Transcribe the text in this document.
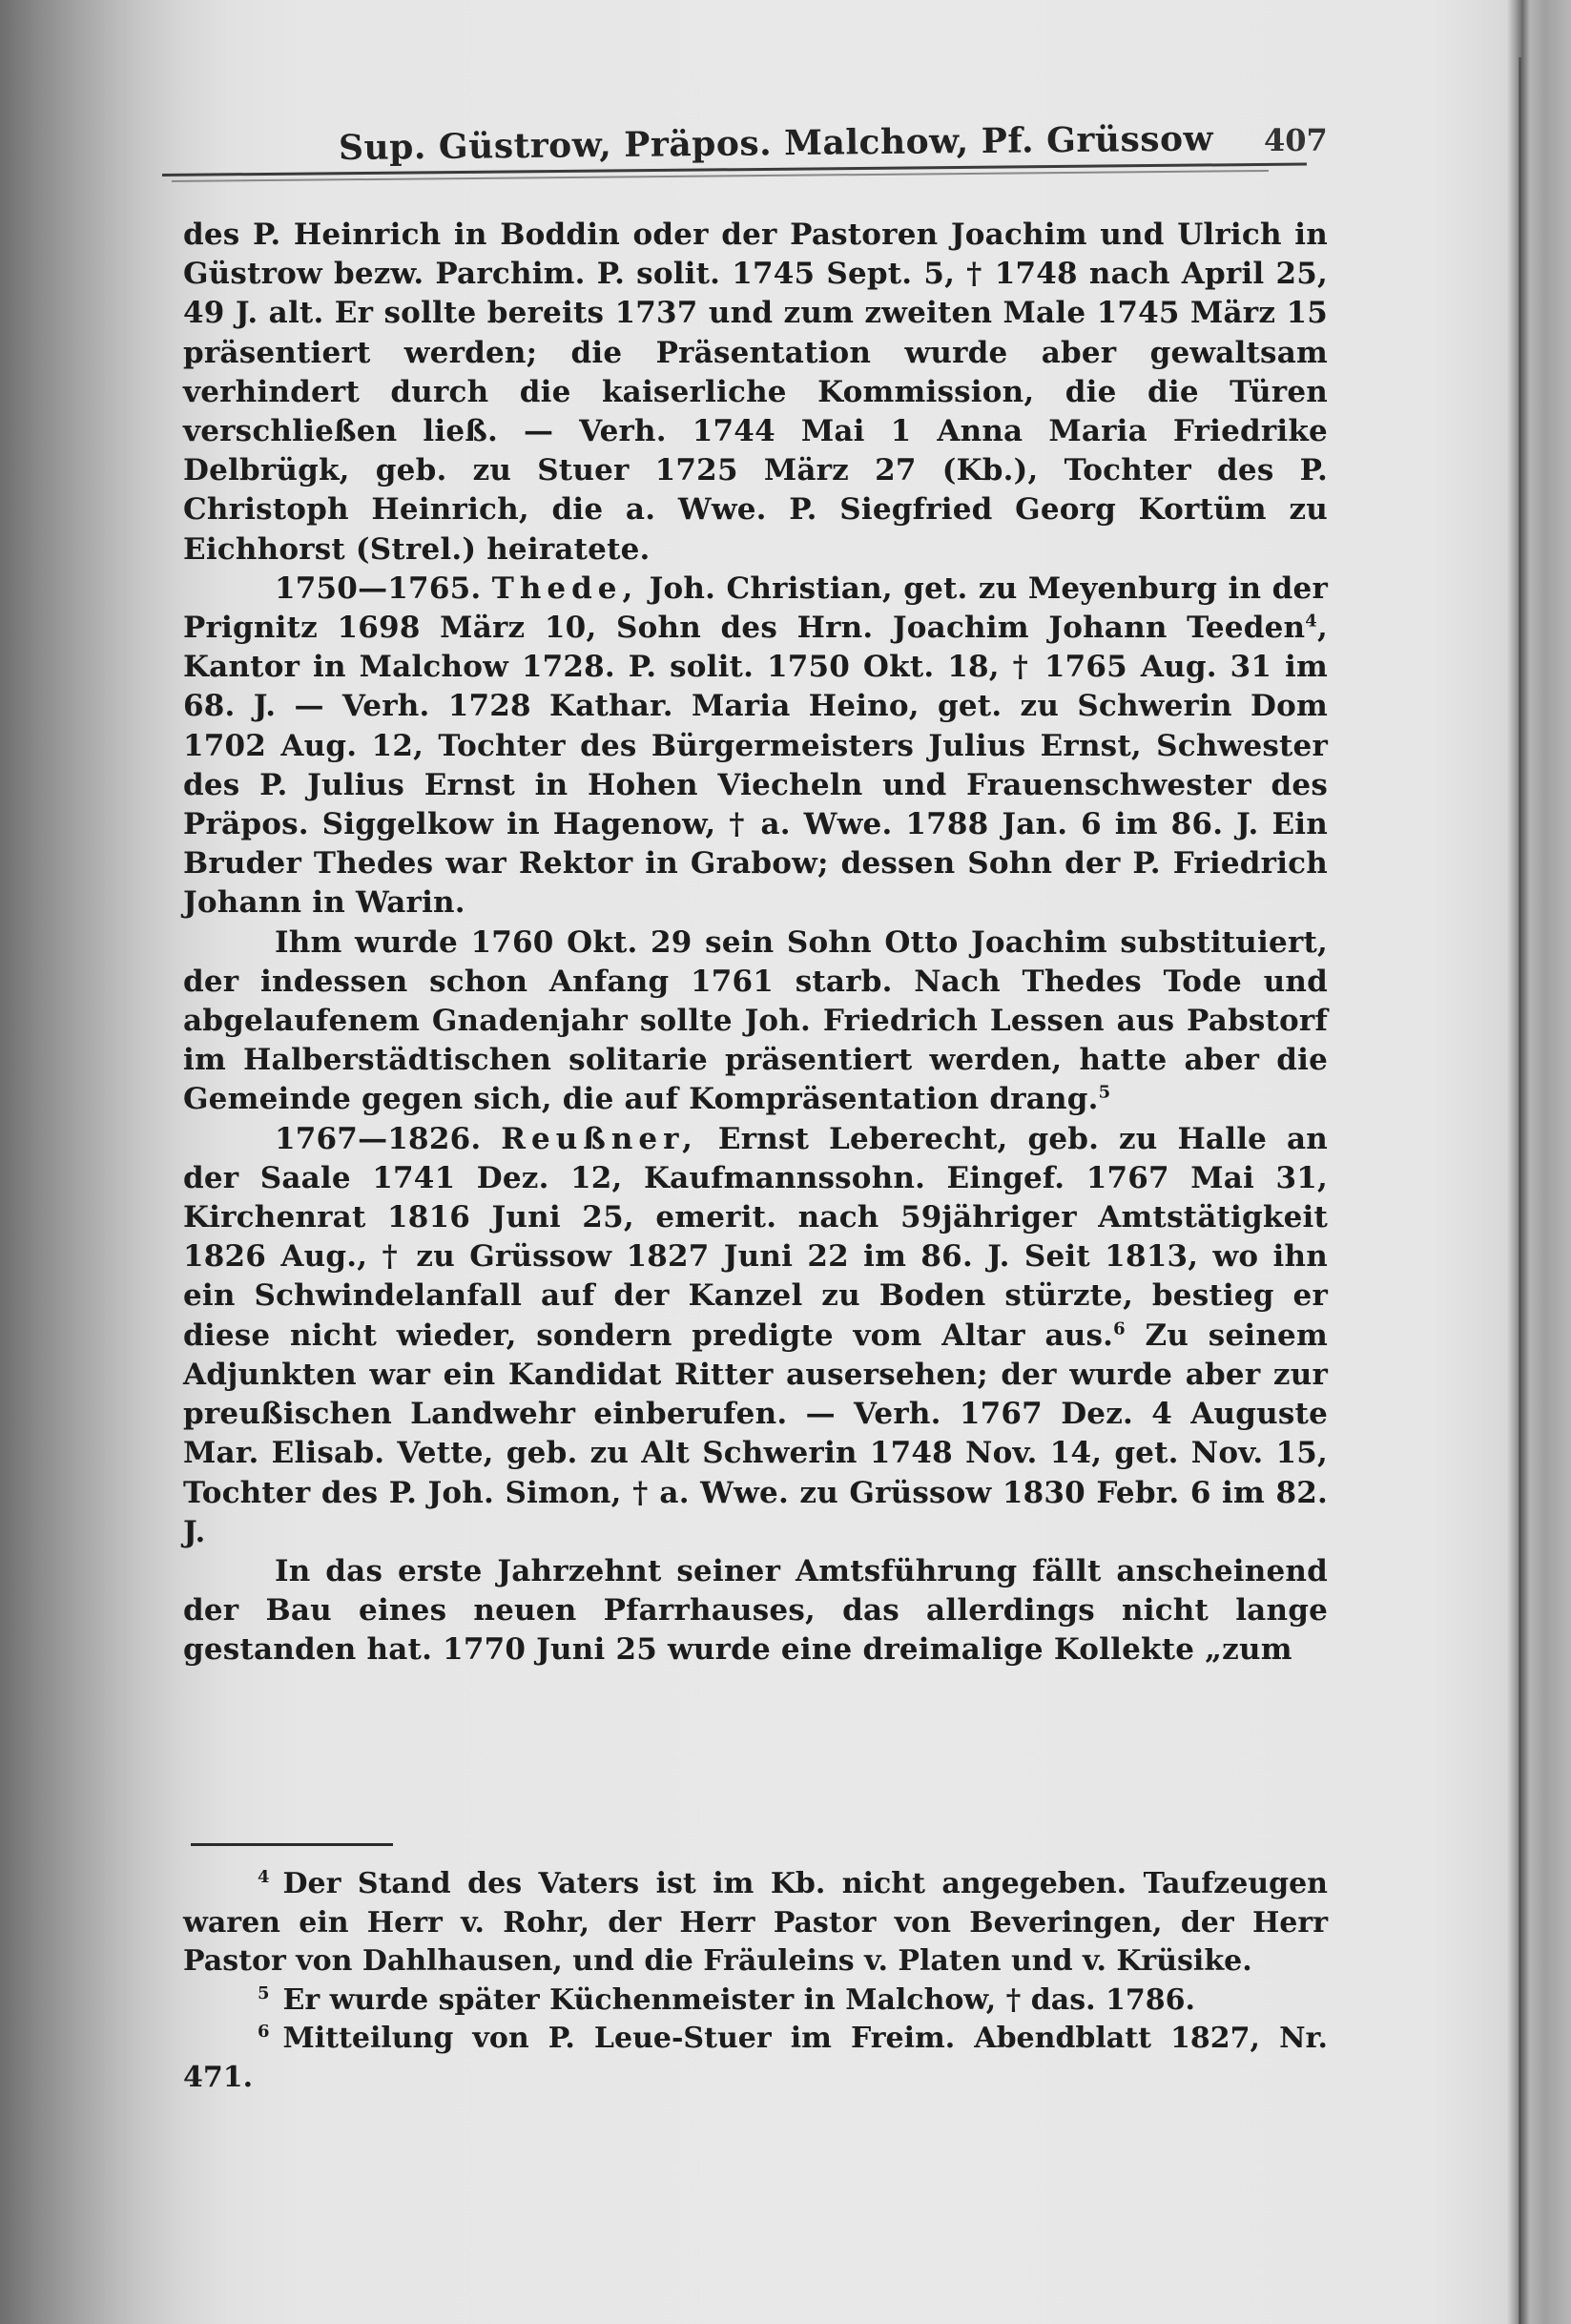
Sup. Güstrow, Präpos. Malchow, Pf. Grüssow 407

des P. Heinrich in Boddin oder der Pastoren Joachim und Ulrich in Güstrow bezw. Parchim. P. solit. 1745 Sept. 5, † 1748 nach April 25, 49 J. alt. Er sollte bereits 1737 und zum zweiten Male 1745 März 15 präsentiert werden; die Präsentation wurde aber gewaltsam verhindert durch die kaiserliche Kommission, die die Türen verschließen ließ. — Verh. 1744 Mai 1 Anna Maria Friedrike Delbrügk, geb. zu Stuer 1725 März 27 (Kb.), Tochter des P. Christoph Heinrich, die a. Wwe. P. Siegfried Georg Kortüm zu Eichhorst (Strel.) heiratete.

1750—1765. Thede, Joh. Christian, get. zu Meyenburg in der Prignitz 1698 März 10, Sohn des Hrn. Joachim Johann Teeden$^4$, Kantor in Malchow 1728. P. solit. 1750 Okt. 18, † 1765 Aug. 31 im 68. J. — Verh. 1728 Kathar. Maria Heino, get. zu Schwerin Dom 1702 Aug. 12, Tochter des Bürgermeisters Julius Ernst, Schwester des P. Julius Ernst in Hohen Viecheln und Frauenschwester des Präpos. Siggelkow in Hagenow, † a. Wwe. 1788 Jan. 6 im 86. J. Ein Bruder Thedes war Rektor in Grabow; dessen Sohn der P. Friedrich Johann in Warin.

Ihm wurde 1760 Okt. 29 sein Sohn Otto Joachim substituiert, der indessen schon Anfang 1761 starb. Nach Thedes Tode und abgelaufenem Gnadenjahr sollte Joh. Friedrich Lessen aus Pabstorf im Halberstädtischen solitarie präsentiert werden, hatte aber die Gemeinde gegen sich, die auf Kompräsentation drang.$^5$

1767—1826. Reußner, Ernst Leberecht, geb. zu Halle an der Saale 1741 Dez. 12, Kaufmannssohn. Eingef. 1767 Mai 31, Kirchenrat 1816 Juni 25, emerit. nach 59jähriger Amtstätigkeit 1826 Aug., † zu Grüssow 1827 Juni 22 im 86. J. Seit 1813, wo ihn ein Schwindelanfall auf der Kanzel zu Boden stürzte, bestieg er diese nicht wieder, sondern predigte vom Altar aus.$^6$ Zu seinem Adjunkten war ein Kandidat Ritter ausersehen; der wurde aber zur preußischen Landwehr einberufen. — Verh. 1767 Dez. 4 Auguste Mar. Elisab. Vette, geb. zu Alt Schwerin 1748 Nov. 14, get. Nov. 15, Tochter des P. Joh. Simon, † a. Wwe. zu Grüssow 1830 Febr. 6 im 82. J.

In das erste Jahrzehnt seiner Amtsführung fällt anscheinend der Bau eines neuen Pfarrhauses, das allerdings nicht lange gestanden hat. 1770 Juni 25 wurde eine dreimalige Kollekte „zum

$^4$ Der Stand des Vaters ist im Kb. nicht angegeben. Taufzeugen waren ein Herr v. Rohr, der Herr Pastor von Beveringen, der Herr Pastor von Dahlhausen, und die Fräuleins v. Platen und v. Krüsike.

$^5$ Er wurde später Küchenmeister in Malchow, † das. 1786.

$^6$ Mitteilung von P. Leue-Stuer im Freim. Abendblatt 1827, Nr. 471.
